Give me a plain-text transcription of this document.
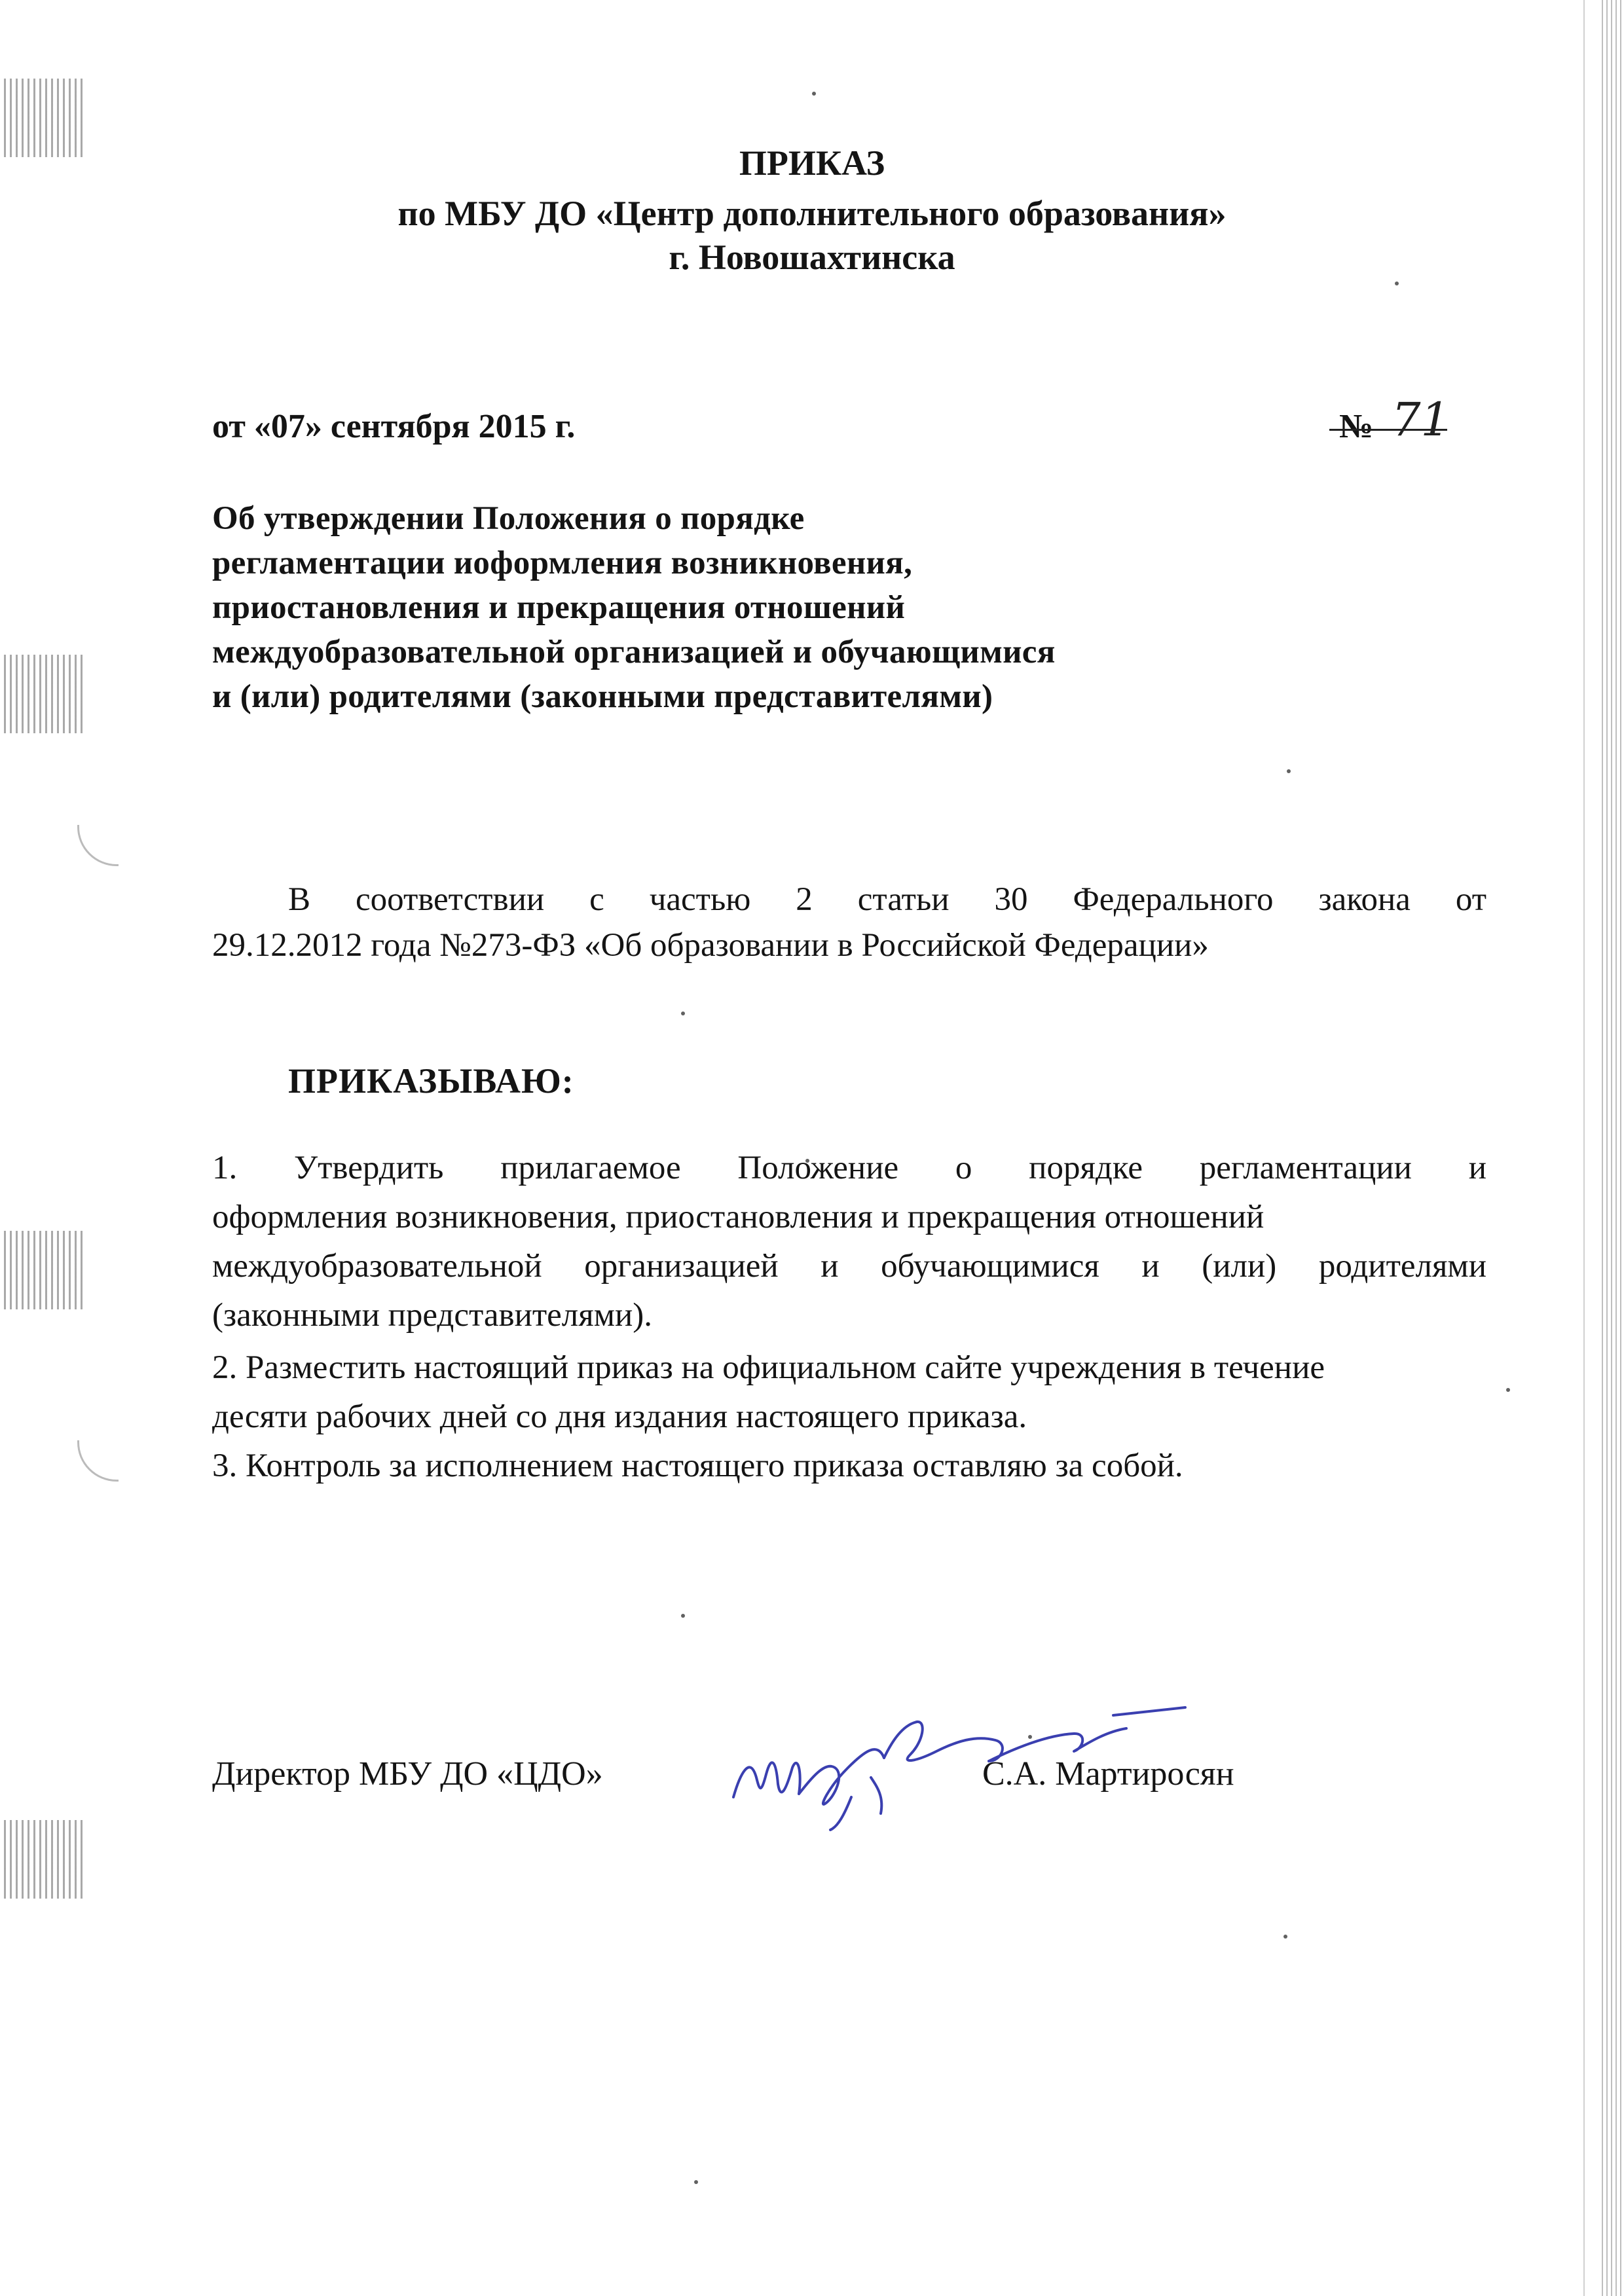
ПРИКАЗ
по МБУ ДО «Центр дополнительного образования»
г. Новошахтинска
от «07» сентября 2015 г.	№ 71
Об утверждении Положения о порядке
регламентации иоформления возникновения,
приостановления и прекращения отношений
междуобразовательной организацией и обучающимися
и (или) родителями (законными представителями)
В соответствии с частью 2 статьи 30 Федерального закона от
29.12.2012 года №273-ФЗ «Об образовании в Российской Федерации»
ПРИКАЗЫВАЮ:
1. Утвердить прилагаемое Положение о порядке регламентации и
оформления возникновения, приостановления и прекращения отношений
междуобразовательной организацией и обучающимися и (или) родителями
(законными представителями).
2. Разместить настоящий приказ на официальном сайте учреждения в течение
десяти рабочих дней со дня издания настоящего приказа.
3. Контроль за исполнением настоящего приказа оставляю за собой.
Директор МБУ ДО «ЦДО»	С.А. Мартиросян
